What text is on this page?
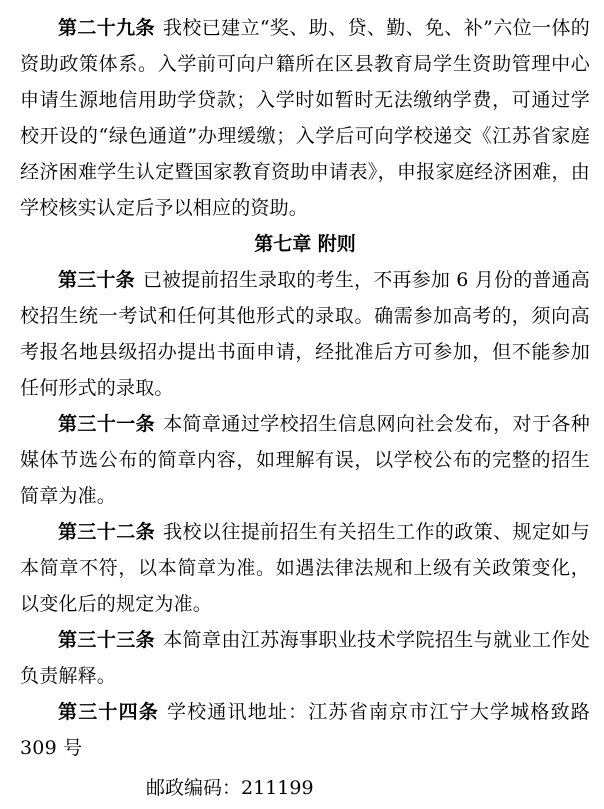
第二十九条 我校已建立“奖、助、贷、勤、免、补”六位一体的资助政策体系。入学前可向户籍所在区县教育局学生资助管理中心申请生源地信用助学贷款；入学时如暂时无法缴纳学费，可通过学校开设的“绿色通道”办理缓缴；入学后可向学校递交《江苏省家庭经济困难学生认定暨国家教育资助申请表》，申报家庭经济困难，由学校核实认定后予以相应的资助。

第七章 附则

第三十条 已被提前招生录取的考生，不再参加 6 月份的普通高校招生统一考试和任何其他形式的录取。确需参加高考的，须向高考报名地县级招办提出书面申请，经批准后方可参加，但不能参加任何形式的录取。

第三十一条 本简章通过学校招生信息网向社会发布，对于各种媒体节选公布的简章内容，如理解有误，以学校公布的完整的招生简章为准。

第三十二条 我校以往提前招生有关招生工作的政策、规定如与本简章不符，以本简章为准。如遇法律法规和上级有关政策变化，以变化后的规定为准。

第三十三条 本简章由江苏海事职业技术学院招生与就业工作处负责解释。

第三十四条 学校通讯地址：江苏省南京市江宁大学城格致路 309 号

邮政编码：211199
